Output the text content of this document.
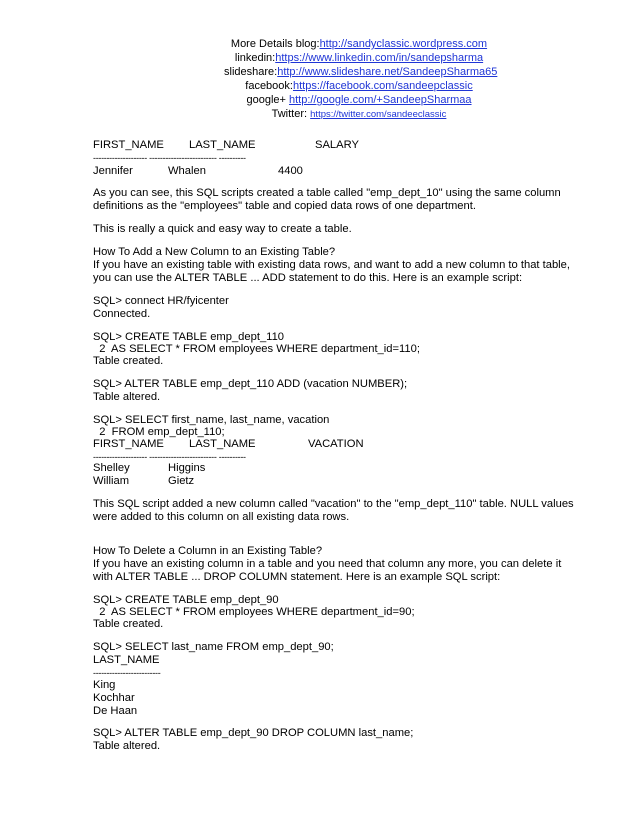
More Details blog:http://sandyclassic.wordpress.com
linkedin:https://www.linkedin.com/in/sandepsharma
slideshare:http://www.slideshare.net/SandeepSharma65
facebook:https://facebook.com/sandeepclassic
google+ http://google.com/+SandeepSharmaa
Twitter: https://twitter.com/sandeeclassic
FIRST_NAME LAST_NAME	SALARY
-------------------- ------------------------- ----------
Jennifer	Whalen	4400
As you can see, this SQL scripts created a table called "emp_dept_10" using the same column
definitions as the "employees" table and copied data rows of one department.
This is really a quick and easy way to create a table.
How To Add a New Column to an Existing Table?
If you have an existing table with existing data rows, and want to add a new column to that table,
you can use the ALTER TABLE ... ADD statement to do this. Here is an example script:
SQL> connect HR/fyicenter
Connected.
SQL> CREATE TABLE emp_dept_110
2  AS SELECT * FROM employees WHERE department_id=110;
Table created.
SQL> ALTER TABLE emp_dept_110 ADD (vacation NUMBER);
Table altered.
SQL> SELECT first_name, last_name, vacation
2  FROM emp_dept_110;
FIRST_NAME LAST_NAME	VACATION
-------------------- ------------------------- ----------
Shelley	Higgins
William	Gietz
This SQL script added a new column called "vacation" to the "emp_dept_110" table. NULL values
were added to this column on all existing data rows.
How To Delete a Column in an Existing Table?
If you have an existing column in a table and you need that column any more, you can delete it
with ALTER TABLE ... DROP COLUMN statement. Here is an example SQL script:
SQL> CREATE TABLE emp_dept_90
2  AS SELECT * FROM employees WHERE department_id=90;
Table created.
SQL> SELECT last_name FROM emp_dept_90;
LAST_NAME
-------------------------
King
Kochhar
De Haan
SQL> ALTER TABLE emp_dept_90 DROP COLUMN last_name;
Table altered.
